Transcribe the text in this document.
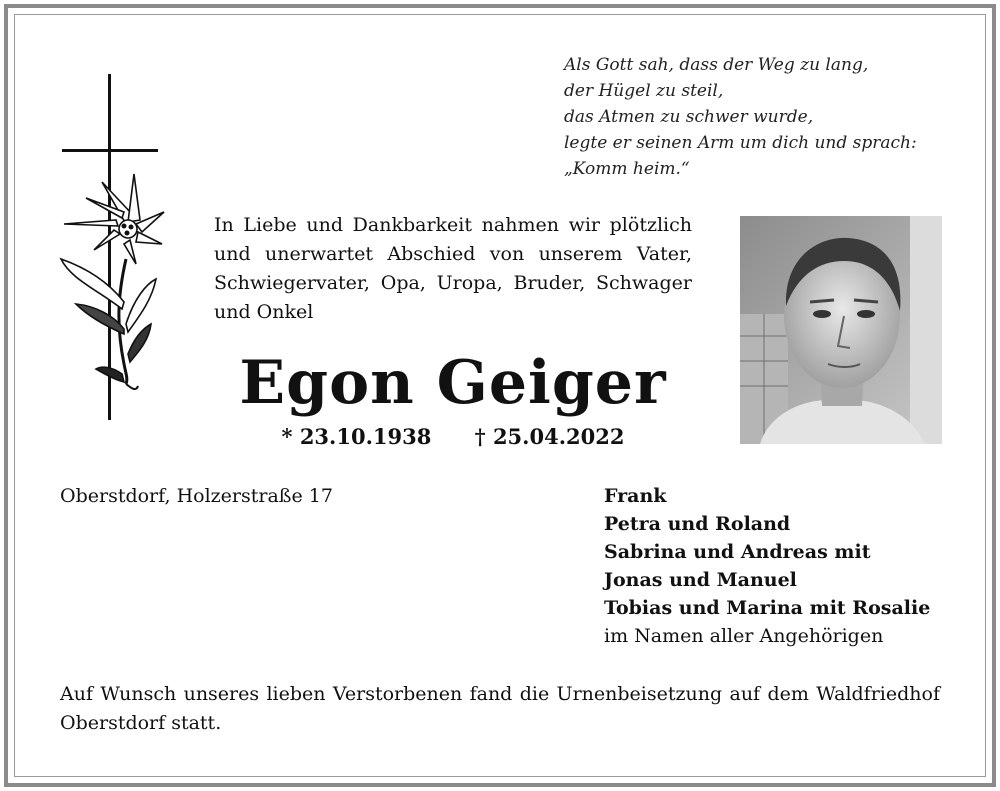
Als Gott sah, dass der Weg zu lang,
der Hügel zu steil,
das Atmen zu schwer wurde,
legte er seinen Arm um dich und sprach:
„Komm heim.“
In Liebe und Dankbarkeit nahmen wir plötzlich und unerwartet Abschied von unserem Vater, Schwiegervater, Opa, Uropa, Bruder, Schwager und Onkel
Egon Geiger
* 23.10.1938 † 25.04.2022
Oberstdorf, Holzerstraße 17	Frank
Petra und Roland
Sabrina und Andreas mit
Jonas und Manuel
Tobias und Marina mit Rosalie
im Namen aller Angehörigen
Auf Wunsch unseres lieben Verstorbenen fand die Urnenbeisetzung auf dem Waldfriedhof Oberstdorf statt.
